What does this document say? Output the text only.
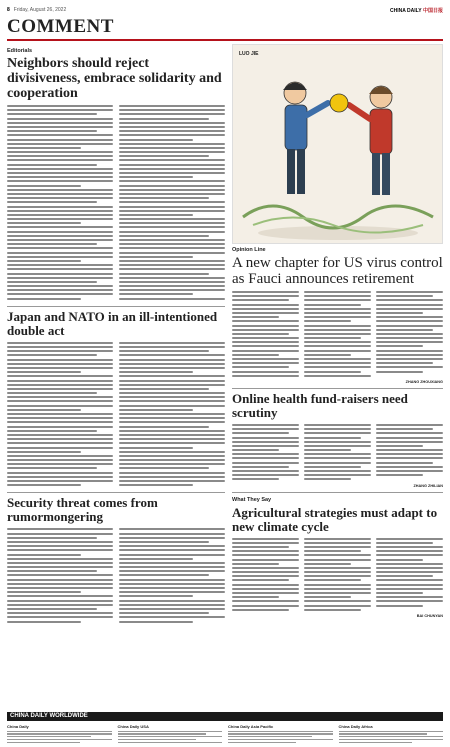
8 Friday, August 26, 2022	CHINA DAILY 中国日报
COMMENT
Editorials
Neighbors should reject divisiveness, embrace solidarity and cooperation
Japan and NATO in an ill-intentioned double act
Security threat comes from rumormongering
LUO JIE
Opinion Line
A new chapter for US virus control as Fauci announces retirement
ZHANG ZHOUXIANG
Online health fund-raisers need scrutiny
ZHANG ZHILIAN
What They Say
Agricultural strategies must adapt to new climate cycle
BAI CHUNYAN
CHINA DAILY WORLDWIDE
China Daily	China Daily USA	China Daily Asia Pacific	China Daily Africa
